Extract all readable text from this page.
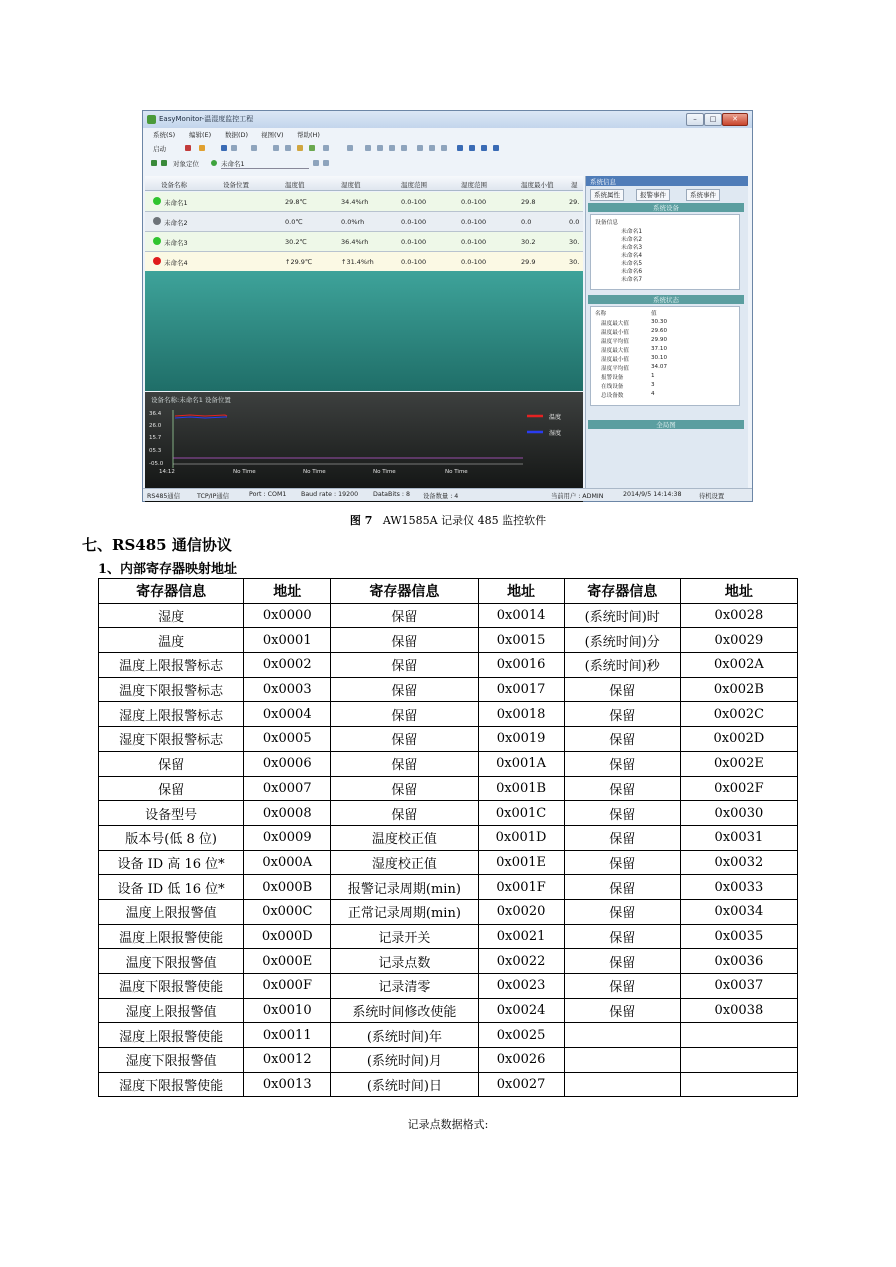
EasyMonitor-温湿度监控工程	–	□	✕
系统(S) 编辑(E) 数据(D) 视图(V) 帮助(H)
启动
对象定位	未命名1
设备名称	设备位置	温度值	湿度值	温度范围	湿度范围	温度最小值	湿
未命名1	29.8℃	34.4%rh	0.0-100	0.0-100	29.8	29.
未命名2	0.0℃	0.0%rh	0.0-100	0.0-100	0.0	0.0
未命名3	30.2℃	36.4%rh	0.0-100	0.0-100	30.2	30.
未命名4	↑29.9℃	↑31.4%rh	0.0-100	0.0-100	29.9	30.
设备名称:未命名1 设备位置
36.4
26.0
15.7
05.3
-05.0
14:12	No Time	No Time	No Time	No Time
温度
湿度
系统信息
系统属性	报警事件	系统事件
系统设备
设备信息
未命名1
未命名2
未命名3
未命名4
未命名5
未命名6
未命名7
系统状态
名称	值
温度最大值	30.30
温度最小值	29.60
温度平均值	29.90
湿度最大值	37.10
湿度最小值	30.10
湿度平均值	34.07
报警设备	1
在线设备	3
总设备数	4
全局图
RS485通信	TCP/IP通信	Port : COM1 Baud rate : 19200 DataBits : 8 设备数量 : 4	当前用户 : ADMIN	2014/9/5 14:14:38	待机设置
图 7 AW1585A 记录仪 485 监控软件
七、RS485 通信协议
1、内部寄存器映射地址
寄存器信息	地址	寄存器信息	地址	寄存器信息	地址
湿度	0x0000	保留	0x0014	(系统时间)时	0x0028
温度	0x0001	保留	0x0015	(系统时间)分	0x0029
温度上限报警标志	0x0002	保留	0x0016	(系统时间)秒	0x002A
温度下限报警标志	0x0003	保留	0x0017	保留	0x002B
湿度上限报警标志	0x0004	保留	0x0018	保留	0x002C
湿度下限报警标志	0x0005	保留	0x0019	保留	0x002D
保留	0x0006	保留	0x001A	保留	0x002E
保留	0x0007	保留	0x001B	保留	0x002F
设备型号	0x0008	保留	0x001C	保留	0x0030
版本号(低 8 位)	0x0009	温度校正值	0x001D	保留	0x0031
设备 ID 高 16 位*	0x000A	湿度校正值	0x001E	保留	0x0032
设备 ID 低 16 位*	0x000B	报警记录周期(min)	0x001F	保留	0x0033
温度上限报警值	0x000C	正常记录周期(min)	0x0020	保留	0x0034
温度上限报警使能	0x000D	记录开关	0x0021	保留	0x0035
温度下限报警值	0x000E	记录点数	0x0022	保留	0x0036
温度下限报警使能	0x000F	记录清零	0x0023	保留	0x0037
湿度上限报警值	0x0010	系统时间修改使能	0x0024	保留	0x0038
湿度上限报警使能	0x0011	(系统时间)年	0x0025		
湿度下限报警值	0x0012	(系统时间)月	0x0026		
湿度下限报警使能	0x0013	(系统时间)日	0x0027		
记录点数据格式:
